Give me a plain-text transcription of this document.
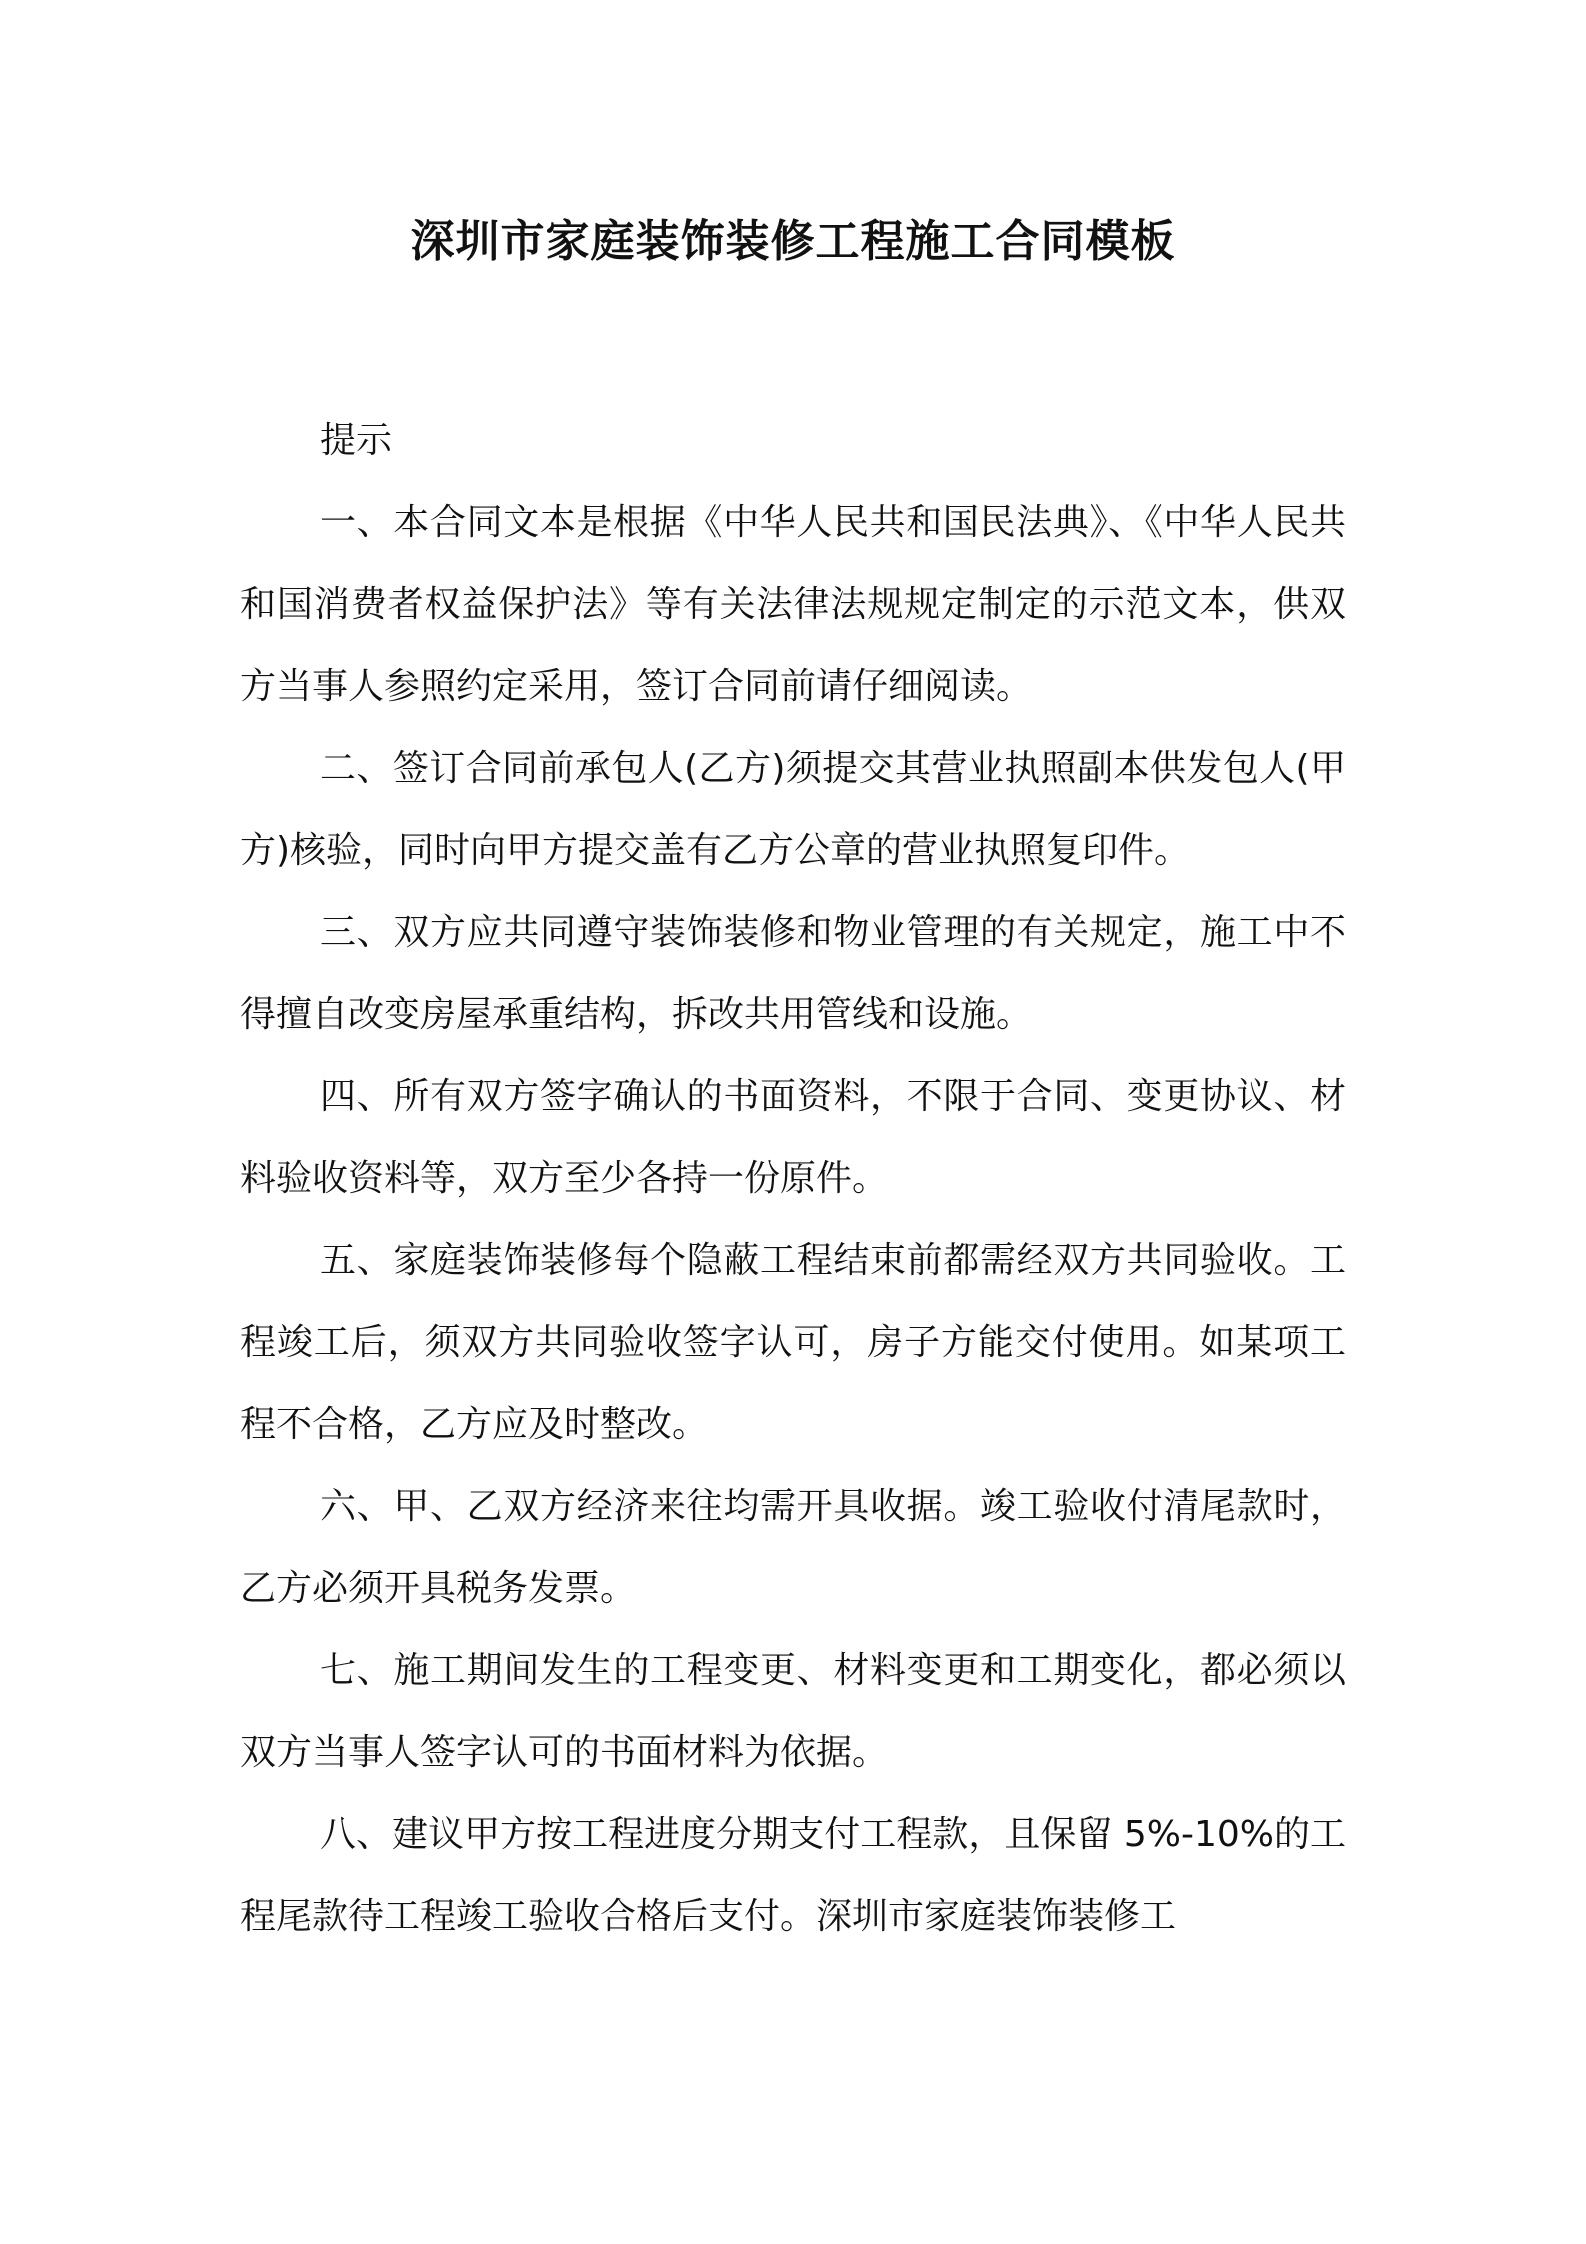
深圳市家庭装饰装修工程施工合同模板

提示

一、本合同文本是根据《中华人民共和国民法典》、《中华人民共和国消费者权益保护法》等有关法律法规规定制定的示范文本，供双方当事人参照约定采用，签订合同前请仔细阅读。

二、签订合同前承包人(乙方)须提交其营业执照副本供发包人(甲方)核验，同时向甲方提交盖有乙方公章的营业执照复印件。

三、双方应共同遵守装饰装修和物业管理的有关规定，施工中不得擅自改变房屋承重结构，拆改共用管线和设施。

四、所有双方签字确认的书面资料，不限于合同、变更协议、材料验收资料等，双方至少各持一份原件。

五、家庭装饰装修每个隐蔽工程结束前都需经双方共同验收。工程竣工后，须双方共同验收签字认可，房子方能交付使用。如某项工程不合格，乙方应及时整改。

六、甲、乙双方经济来往均需开具收据。竣工验收付清尾款时，乙方必须开具税务发票。

七、施工期间发生的工程变更、材料变更和工期变化，都必须以双方当事人签字认可的书面材料为依据。

八、建议甲方按工程进度分期支付工程款，且保留 5%-10%的工程尾款待工程竣工验收合格后支付。深圳市家庭装饰装修工
